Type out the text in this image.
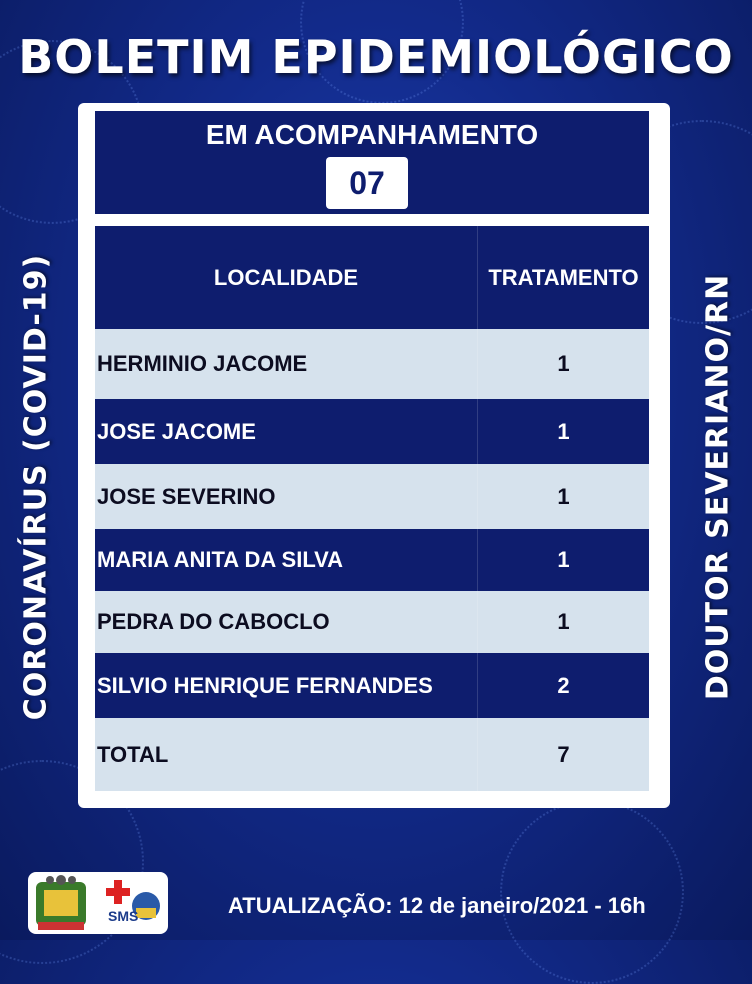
BOLETIM EPIDEMIOLÓGICO
CORONAVÍRUS (COVID-19)	DOUTOR SEVERIANO/RN
EM ACOMPANHAMENTO
07
LOCALIDADE	TRATAMENTO
HERMINIO JACOME	1
JOSE JACOME	1
JOSE SEVERINO	1
MARIA ANITA DA SILVA	1
PEDRA DO CABOCLO	1
SILVIO HENRIQUE FERNANDES	2
TOTAL	7
SMS	ATUALIZAÇÃO: 12 de janeiro/2021 - 16h
